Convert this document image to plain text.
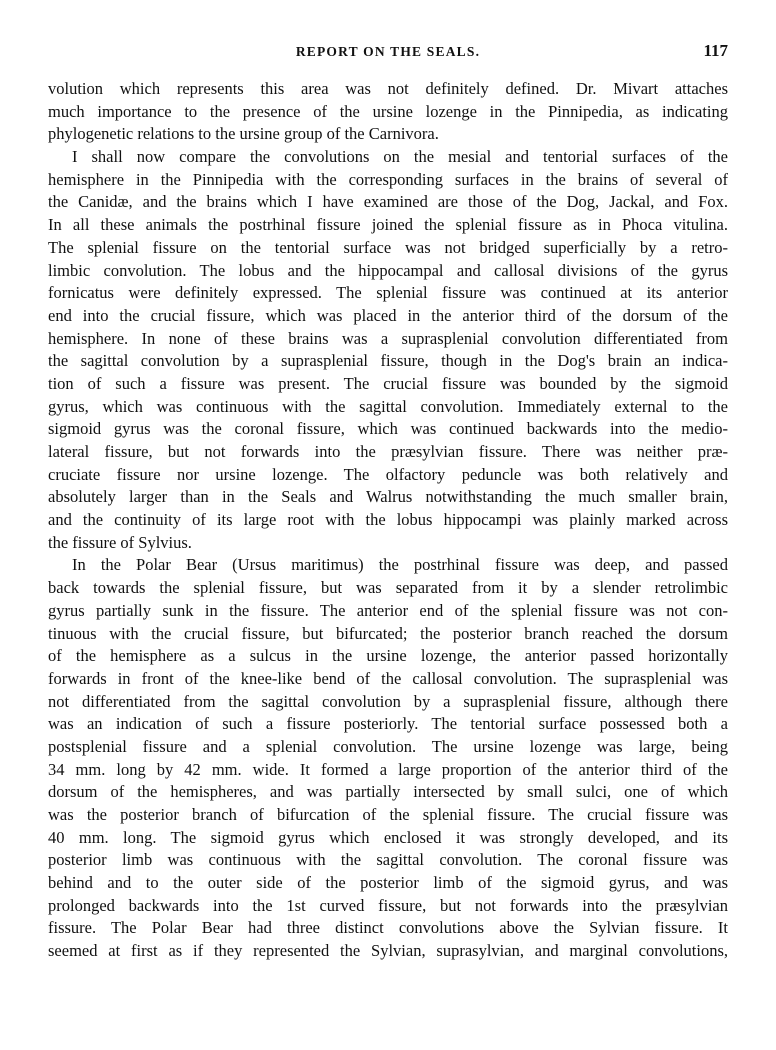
REPORT ON THE SEALS.	117
volution which represents this area was not definitely defined. Dr. Mivart attaches
much importance to the presence of the ursine lozenge in the Pinnipedia, as indicating
phylogenetic relations to the ursine group of the Carnivora.
I shall now compare the convolutions on the mesial and tentorial surfaces of the
hemisphere in the Pinnipedia with the corresponding surfaces in the brains of several of
the Canidæ, and the brains which I have examined are those of the Dog, Jackal, and Fox.
In all these animals the postrhinal fissure joined the splenial fissure as in Phoca vitulina.
The splenial fissure on the tentorial surface was not bridged superficially by a retro-
limbic convolution. The lobus and the hippocampal and callosal divisions of the gyrus
fornicatus were definitely expressed. The splenial fissure was continued at its anterior
end into the crucial fissure, which was placed in the anterior third of the dorsum of the
hemisphere. In none of these brains was a suprasplenial convolution differentiated from
the sagittal convolution by a suprasplenial fissure, though in the Dog's brain an indica-
tion of such a fissure was present. The crucial fissure was bounded by the sigmoid
gyrus, which was continuous with the sagittal convolution. Immediately external to the
sigmoid gyrus was the coronal fissure, which was continued backwards into the medio-
lateral fissure, but not forwards into the præsylvian fissure. There was neither præ-
cruciate fissure nor ursine lozenge. The olfactory peduncle was both relatively and
absolutely larger than in the Seals and Walrus notwithstanding the much smaller brain,
and the continuity of its large root with the lobus hippocampi was plainly marked across
the fissure of Sylvius.
In the Polar Bear (Ursus maritimus) the postrhinal fissure was deep, and passed
back towards the splenial fissure, but was separated from it by a slender retrolimbic
gyrus partially sunk in the fissure. The anterior end of the splenial fissure was not con-
tinuous with the crucial fissure, but bifurcated; the posterior branch reached the dorsum
of the hemisphere as a sulcus in the ursine lozenge, the anterior passed horizontally
forwards in front of the knee-like bend of the callosal convolution. The suprasplenial was
not differentiated from the sagittal convolution by a suprasplenial fissure, although there
was an indication of such a fissure posteriorly. The tentorial surface possessed both a
postsplenial fissure and a splenial convolution. The ursine lozenge was large, being
34 mm. long by 42 mm. wide. It formed a large proportion of the anterior third of the
dorsum of the hemispheres, and was partially intersected by small sulci, one of which
was the posterior branch of bifurcation of the splenial fissure. The crucial fissure was
40 mm. long. The sigmoid gyrus which enclosed it was strongly developed, and its
posterior limb was continuous with the sagittal convolution. The coronal fissure was
behind and to the outer side of the posterior limb of the sigmoid gyrus, and was
prolonged backwards into the 1st curved fissure, but not forwards into the præsylvian
fissure. The Polar Bear had three distinct convolutions above the Sylvian fissure. It
seemed at first as if they represented the Sylvian, suprasylvian, and marginal convolutions,
